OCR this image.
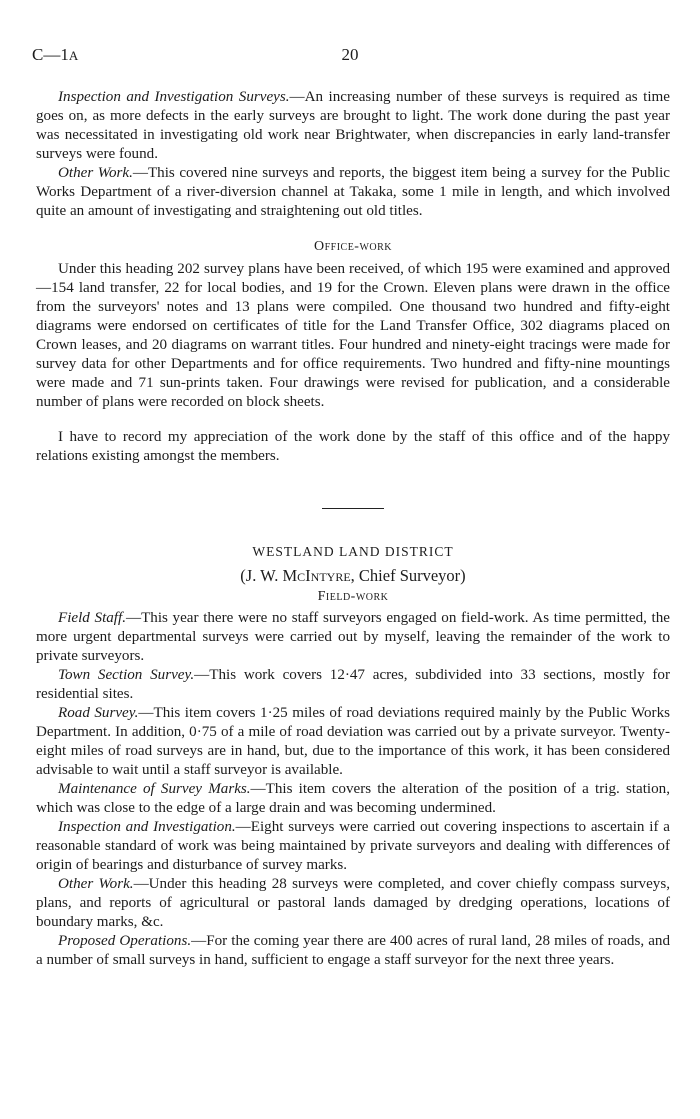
C—1A	20

Inspection and Investigation Surveys.—An increasing number of these surveys is required as time goes on, as more defects in the early surveys are brought to light. The work done during the past year was necessitated in investigating old work near Brightwater, when discrepancies in early land-transfer surveys were found.

Other Work.—This covered nine surveys and reports, the biggest item being a survey for the Public Works Department of a river-diversion channel at Takaka, some 1 mile in length, and which involved quite an amount of investigating and straightening out old titles.

Office-work

Under this heading 202 survey plans have been received, of which 195 were examined and approved—154 land transfer, 22 for local bodies, and 19 for the Crown. Eleven plans were drawn in the office from the surveyors' notes and 13 plans were compiled. One thousand two hundred and fifty-eight diagrams were endorsed on certificates of title for the Land Transfer Office, 302 diagrams placed on Crown leases, and 20 diagrams on warrant titles. Four hundred and ninety-eight tracings were made for survey data for other Departments and for office requirements. Two hundred and fifty-nine mountings were made and 71 sun-prints taken. Four drawings were revised for publication, and a considerable number of plans were recorded on block sheets.

I have to record my appreciation of the work done by the staff of this office and of the happy relations existing amongst the members.

WESTLAND LAND DISTRICT

(J. W. McIntyre, Chief Surveyor)

Field-work

Field Staff.—This year there were no staff surveyors engaged on field-work. As time permitted, the more urgent departmental surveys were carried out by myself, leaving the remainder of the work to private surveyors.

Town Section Survey.—This work covers 12·47 acres, subdivided into 33 sections, mostly for residential sites.

Road Survey.—This item covers 1·25 miles of road deviations required mainly by the Public Works Department. In addition, 0·75 of a mile of road deviation was carried out by a private surveyor. Twenty-eight miles of road surveys are in hand, but, due to the importance of this work, it has been considered advisable to wait until a staff surveyor is available.

Maintenance of Survey Marks.—This item covers the alteration of the position of a trig. station, which was close to the edge of a large drain and was becoming undermined.

Inspection and Investigation.—Eight surveys were carried out covering inspections to ascertain if a reasonable standard of work was being maintained by private surveyors and dealing with differences of origin of bearings and disturbance of survey marks.

Other Work.—Under this heading 28 surveys were completed, and cover chiefly compass surveys, plans, and reports of agricultural or pastoral lands damaged by dredging operations, locations of boundary marks, &c.

Proposed Operations.—For the coming year there are 400 acres of rural land, 28 miles of roads, and a number of small surveys in hand, sufficient to engage a staff surveyor for the next three years.
